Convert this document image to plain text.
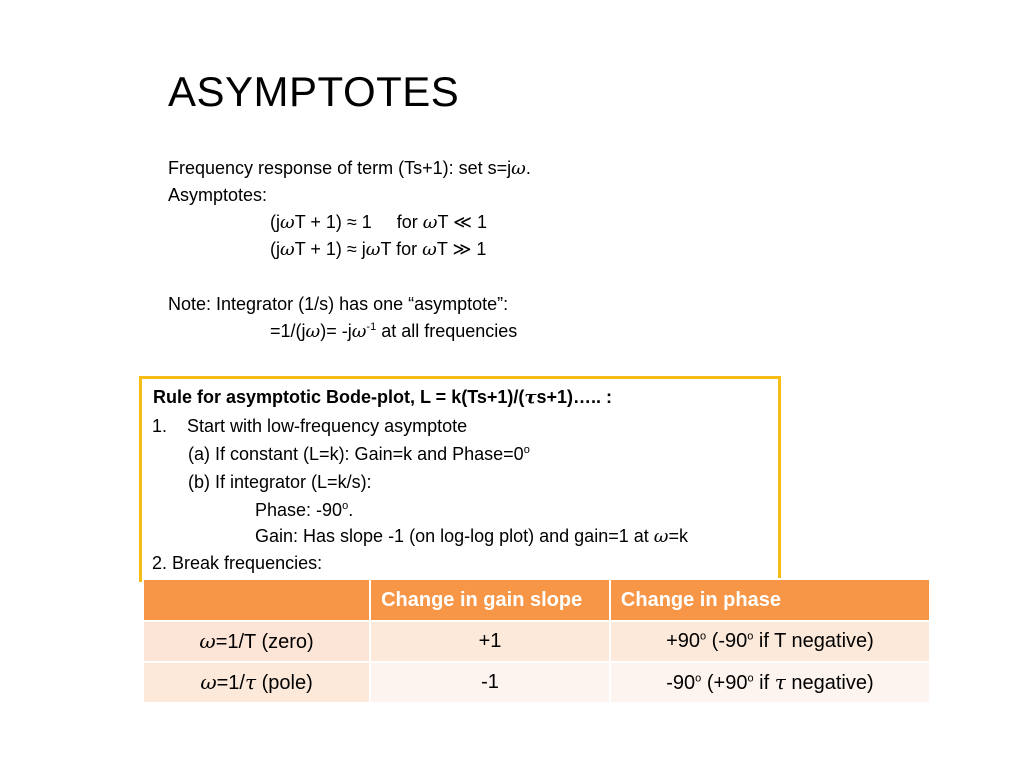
ASYMPTOTES
Frequency response of term (Ts+1): set s=jω.
Asymptotes:
(jωT + 1) ≈ 1     for ωT ≪ 1
(jωT + 1) ≈ jωT for ωT ≫ 1
Note: Integrator (1/s) has one “asymptote”:
$=1/(j\omega)= -j\omega^{-1}$ at all frequencies
Rule for asymptotic Bode-plot, L = k(Ts+1)/(τs+1)….. :
1. Start with low-frequency asymptote
(a) If constant (L=k): Gain=k and $Phase=0^o$
(b) If integrator (L=k/s):
Phase: -90$^o$.
Gain: Has slope -1 (on log-log plot) and gain=1 at ω=k
2. Break frequencies:
	Change in gain slope	Change in phase
ω=1/T (zero)	+1	$+90^o$ (-90$^o$ if T negative)
ω=1/τ (pole)	-1	-90$^o$ ($+90^o$ if τ negative)
